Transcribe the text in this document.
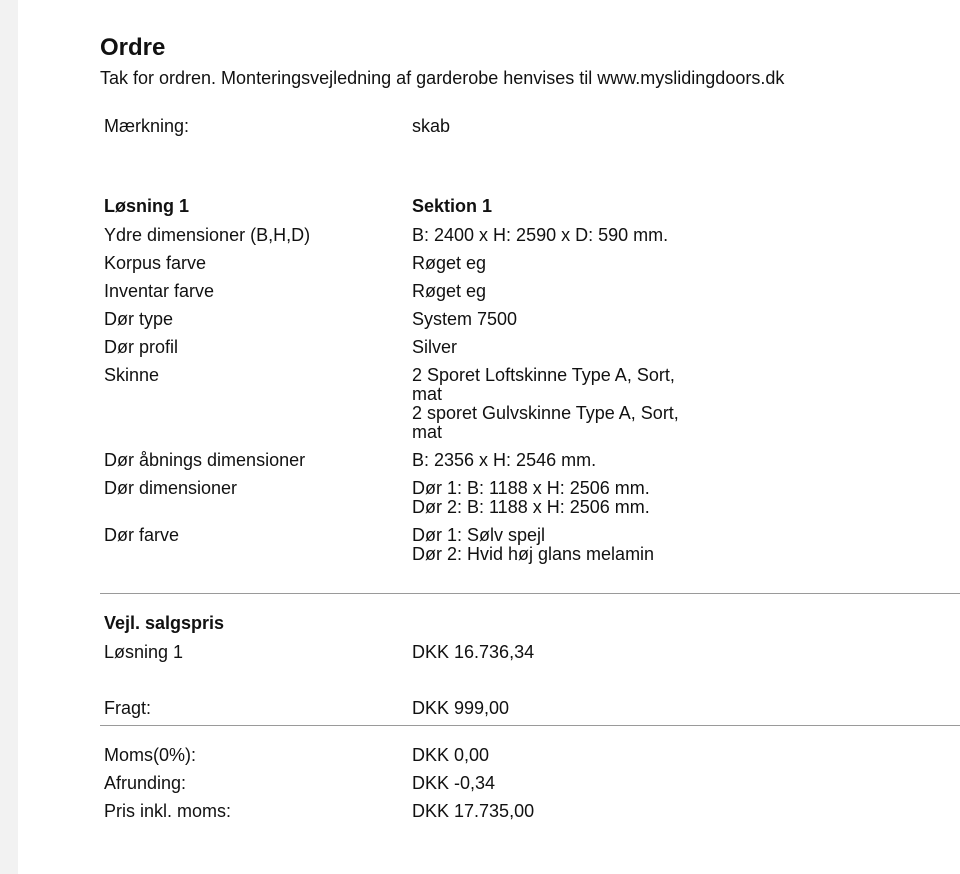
Ordre

Tak for ordren. Monteringsvejledning af garderobe henvises til www.myslidingdoors.dk

Mærkning:	skab
Løsning 1	Sektion 1
Ydre dimensioner (B,H,D)	B: 2400 x H: 2590 x D: 590 mm.
Korpus farve	Røget eg
Inventar farve	Røget eg
Dør type	System 7500
Dør profil	Silver
Skinne	2 Sporet Loftskinne Type A, Sort,
mat
2 sporet Gulvskinne Type A, Sort,
mat
Dør åbnings dimensioner	B: 2356 x H: 2546 mm.
Dør dimensioner	Dør 1: B: 1188 x H: 2506 mm.
Dør 2: B: 1188 x H: 2506 mm.
Dør farve	Dør 1: Sølv spejl
Dør 2: Hvid høj glans melamin
Vejl. salgspris
Løsning 1	DKK 16.736,34
Fragt:	DKK 999,00
Moms(0%):	DKK 0,00
Afrunding:	DKK -0,34
Pris inkl. moms:	DKK 17.735,00
